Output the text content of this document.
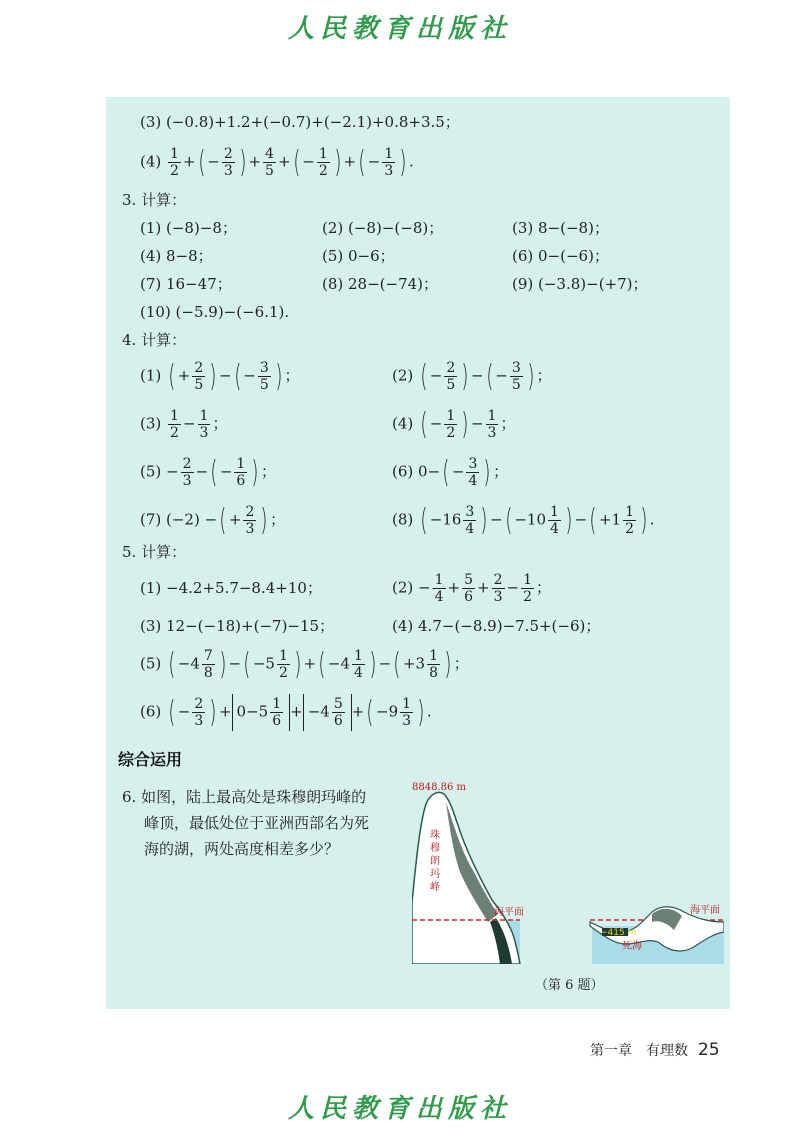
人民教育出版社
(3) (−0.8)+1.2+(−0.7)+(−2.1)+0.8+3.5；
$(4) \frac{1}{2}$ +( − $\frac{2}{3}$ ) + $\frac{4}{5}$ +( − $\frac{1}{2}$ ) +( − $\frac{1}{3}$ ) .
3. 计算：
(1) (−8)−8；	(2) (−8)−(−8)；	(3) 8−(−8)；
(4) 8−8；	(5) 0−6；	(6) 0−(−6)；
(7) 16−47；	(8) 28−(−74)；	(9) (−3.8)−(+7)；
(10) (−5.9)−(−6.1).
4. 计算：
(1) ( + $\frac{2}{5}$ ) −( − $\frac{3}{5}$ ) ；	(2) ( − $\frac{2}{5}$ ) −( − $\frac{3}{5}$ ) ；
$(3) \frac{1}{2} - \frac{1}{3}$ ；	(4) ( − $\frac{1}{2}$ ) − $\frac{1}{3}$ ；
$(5) - \frac{2}{3}$ −( − $\frac{1}{6}$ ) ；	(6) $0-( - \frac{3}{4}$ ) ；
(7) (−2) −( + $\frac{2}{3}$ ) ；	(8) ( $-16 \frac{3}{4}$ ) −( $-10 \frac{1}{4}$ ) −( $+1 \frac{1}{2}$ ) .
5. 计算：
(1) −4.2+5.7−8.4+10；	$(2) - \frac{1}{4} + \frac{5}{6} + \frac{2}{3} - \frac{1}{2}$ ；
(3) 12−(−18)+(−7)−15；	(4) 4.7−(−8.9)−7.5+(−6)；
(5) ( $-4 \frac{7}{8}$ ) −( $-5 \frac{1}{2}$ ) +( $-4 \frac{1}{4}$ ) −( $+3 \frac{1}{8}$ ) ；
(6) ( − $\frac{2}{3}$ ) + $0-5 \frac{1}{6} + -4 \frac{5}{6}$ +( $-9 \frac{1}{3}$ ) .
综合运用
6. 如图，陆上最高处是珠穆朗玛峰的
峰顶，最低处位于亚洲西部名为死
海的湖，两处高度相差多少？
8848.86 m
珠穆朗玛峰
海平面	海平面
−415 m
死海
（第 6 题）
第一章　有理数 25
人民教育出版社
